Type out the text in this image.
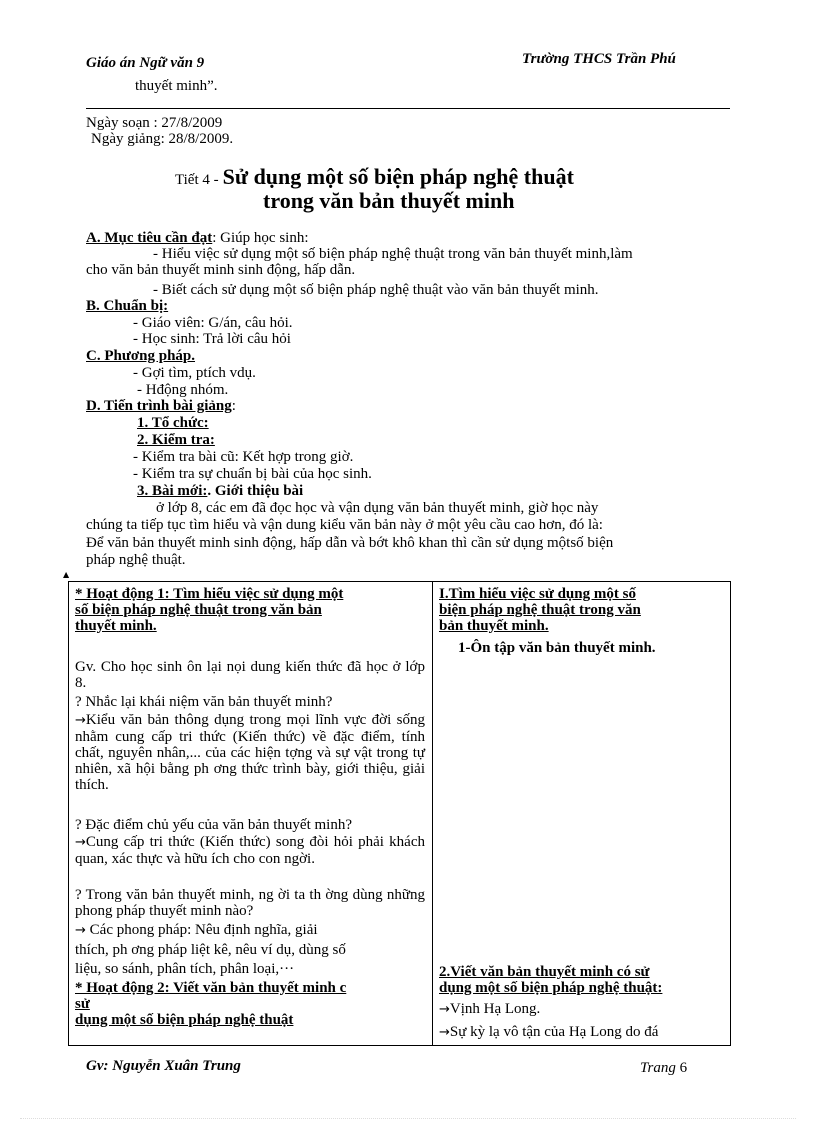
Giáo án Ngữ văn 9	Trường THCS Trần Phú
thuyết minh”.
Ngày soạn : 27/8/2009
Ngày giảng: 28/8/2009.
Tiết 4 - Sử dụng một số biện pháp nghệ thuật
trong văn bản thuyết minh
A. Mục tiêu cần đạt: Giúp học sinh:
- Hiểu việc sử dụng một số biện pháp nghệ thuật trong văn bản thuyết minh,làm
cho văn bản thuyết minh sinh động, hấp dẫn.
- Biết cách sử dụng một số biện pháp nghệ thuật vào văn bản thuyết minh.
B. Chuẩn bị:
- Giáo viên: G/án, câu hỏi.
- Học sinh: Trả lời câu hỏi
C. Phương pháp.
- Gợi tìm, ptích vdụ.
- Hđộng nhóm.
D. Tiến trình bài giảng:
1. Tổ chức:
2. Kiểm tra:
- Kiểm tra bài cũ: Kết hợp trong giờ.
- Kiểm tra sự chuẩn bị bài của học sinh.
3. Bài mới:. Giới thiệu bài
ở lớp 8, các em đã đọc học và vận dụng văn bản thuyết minh, giờ học này
chúng ta tiếp tục tìm hiểu và vận dung kiểu văn bản này ở một yêu cầu cao hơn, đó là:
Để văn bản thuyết minh sinh động, hấp dẫn và bớt khô khan thì cần sử dụng mộtsố biện
pháp nghệ thuật.
▲
* Hoạt động 1: Tìm hiểu việc sử dụng một
số biện pháp nghệ thuật trong văn bản
thuyết minh.
Gv. Cho học sinh ôn lại nọi dung kiến thức đã học ở lớp 8.
? Nhắc lại khái niệm văn bản thuyết minh?
→Kiểu văn bản thông dụng trong mọi lĩnh vực đời sống nhằm cung cấp tri thức (Kiến thức) về đặc điểm, tính chất, nguyên nhân,... của các hiện tợng và sự vật trong tự nhiên, xã hội bằng ph ơng thức trình bày, giới thiệu, giải thích.
? Đặc điểm chủ yếu của văn bản thuyết minh?
→Cung cấp tri thức (Kiến thức) song đòi hỏi phải khách quan, xác thực và hữu ích cho con ngời.
? Trong văn bản thuyết minh, ng ời ta th ờng dùng những phong pháp thuyết minh nào?
→ Các phong pháp: Nêu định nghĩa, giải
thích, ph ơng pháp liệt kê, nêu ví dụ, dùng số
liệu, so sánh, phân tích, phân loại,···
* Hoạt động 2: Viết văn bản thuyết minh c
sử
dụng một số biện pháp nghệ thuật
I.Tìm hiểu việc sử dụng một số
biện pháp nghệ thuật trong văn
bản thuyết minh.
1-Ôn tập văn bản thuyết minh.
2.Viết văn bản thuyết minh có sử
dụng một số biện pháp nghệ thuật:
→Vịnh Hạ Long.
→Sự kỳ lạ vô tận của Hạ Long do đá
Gv: Nguyễn Xuân Trung	Trang 6
